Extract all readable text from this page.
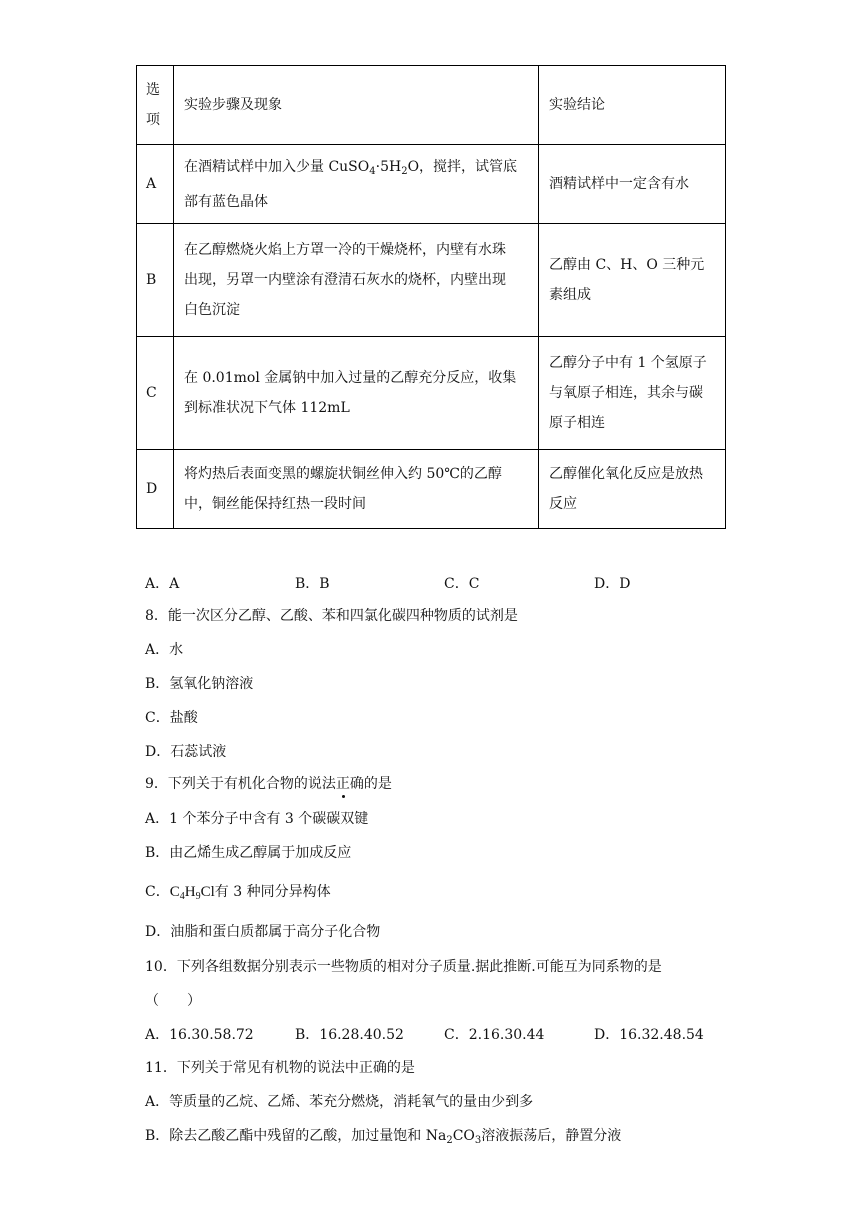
选项	实验步骤及现象	实验结论
A	在酒精试样中加入少量 $CuSO_4\cdot 5H_2O$，搅拌，试管底
部有蓝色晶体	酒精试样中一定含有水
B	在乙醇燃烧火焰上方罩一冷的干燥烧杯，内壁有水珠
出现，另罩一内壁涂有澄清石灰水的烧杯，内壁出现
白色沉淀	乙醇由 C、H、O 三种元
素组成
C	在 0.01mol 金属钠中加入过量的乙醇充分反应，收集
到标准状况下气体 112mL	乙醇分子中有 1 个氢原子
与氧原子相连，其余与碳
原子相连
D	将灼热后表面变黑的螺旋状铜丝伸入约 50℃的乙醇
中，铜丝能保持红热一段时间	乙醇催化氧化反应是放热
反应
A．A	B．B	C．C	D．D
8．能一次区分乙醇、乙酸、苯和四氯化碳四种物质的试剂是
A．水
B．氢氧化钠溶液
C．盐酸
D．石蕊试液
9．下列关于有机化合物的说法正确的是
A．1 个苯分子中含有 3 个碳碳双键
B．由乙烯生成乙醇属于加成反应
C．$C_4H_9Cl$有 3 种同分异构体
D．油脂和蛋白质都属于高分子化合物
10．下列各组数据分别表示一些物质的相对分子质量.据此推断.可能互为同系物的是
（　　）
A．16.30.58.72	B．16.28.40.52	C．2.16.30.44	D．16.32.48.54
11．下列关于常见有机物的说法中正确的是
A．等质量的乙烷、乙烯、苯充分燃烧，消耗氧气的量由少到多
B．除去乙酸乙酯中残留的乙酸，加过量饱和 $Na_2CO_3$溶液振荡后，静置分液
